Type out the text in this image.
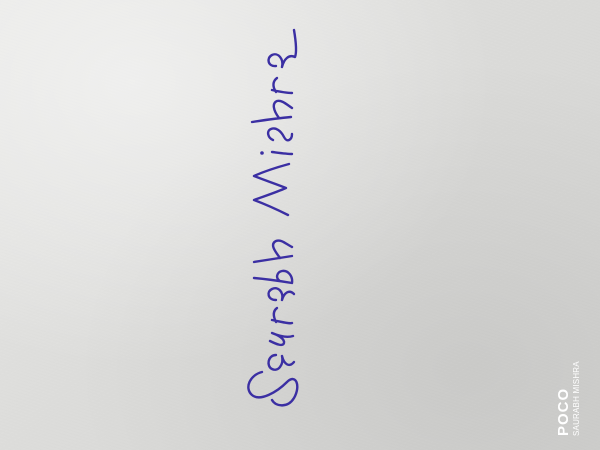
POCO SAURABH MISHRA
